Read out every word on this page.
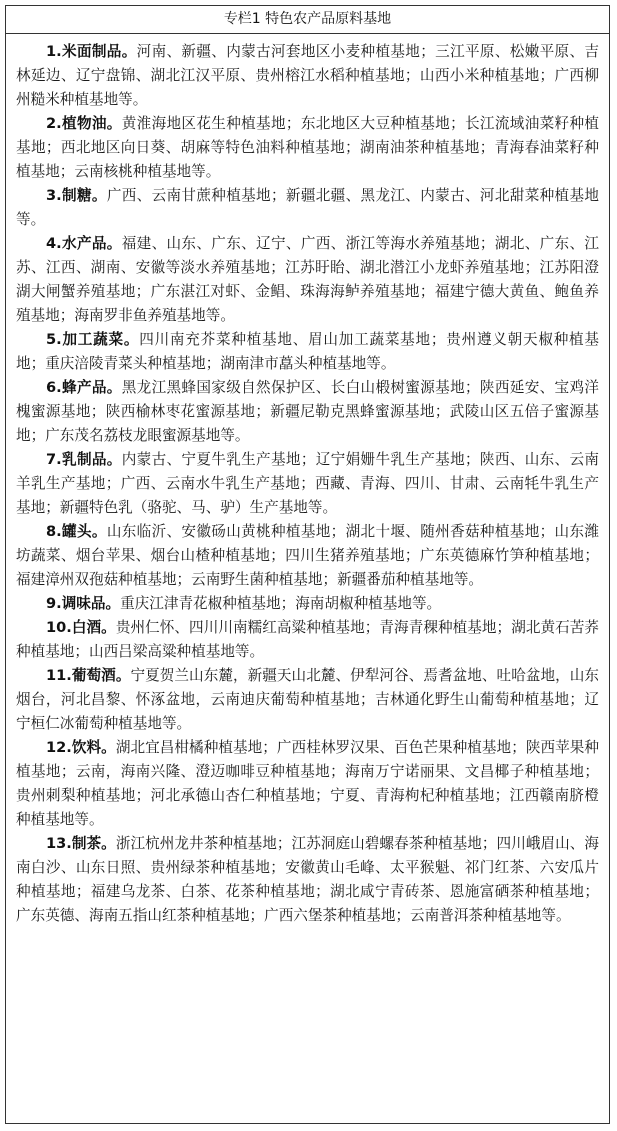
专栏1 特色农产品原料基地

1.米面制品。河南、新疆、内蒙古河套地区小麦种植基地；三江平原、松嫩平原、吉林延边、辽宁盘锦、湖北江汉平原、贵州榕江水稻种植基地；山西小米种植基地；广西柳州糙米种植基地等。

2.植物油。黄淮海地区花生种植基地；东北地区大豆种植基地；长江流域油菜籽种植基地；西北地区向日葵、胡麻等特色油料种植基地；湖南油茶种植基地；青海春油菜籽种植基地；云南核桃种植基地等。

3.制糖。广西、云南甘蔗种植基地；新疆北疆、黑龙江、内蒙古、河北甜菜种植基地等。

4.水产品。福建、山东、广东、辽宁、广西、浙江等海水养殖基地；湖北、广东、江苏、江西、湖南、安徽等淡水养殖基地；江苏盱眙、湖北潜江小龙虾养殖基地；江苏阳澄湖大闸蟹养殖基地；广东湛江对虾、金鲳、珠海海鲈养殖基地；福建宁德大黄鱼、鲍鱼养殖基地；海南罗非鱼养殖基地等。

5.加工蔬菜。四川南充芥菜种植基地、眉山加工蔬菜基地；贵州遵义朝天椒种植基地；重庆涪陵青菜头种植基地；湖南津市藠头种植基地等。

6.蜂产品。黑龙江黑蜂国家级自然保护区、长白山椴树蜜源基地；陕西延安、宝鸡洋槐蜜源基地；陕西榆林枣花蜜源基地；新疆尼勒克黑蜂蜜源基地；武陵山区五倍子蜜源基地；广东茂名荔枝龙眼蜜源基地等。

7.乳制品。内蒙古、宁夏牛乳生产基地；辽宁娟姗牛乳生产基地；陕西、山东、云南羊乳生产基地；广西、云南水牛乳生产基地；西藏、青海、四川、甘肃、云南牦牛乳生产基地；新疆特色乳（骆驼、马、驴）生产基地等。

8.罐头。山东临沂、安徽砀山黄桃种植基地；湖北十堰、随州香菇种植基地；山东潍坊蔬菜、烟台苹果、烟台山楂种植基地；四川生猪养殖基地；广东英德麻竹笋种植基地；福建漳州双孢菇种植基地；云南野生菌种植基地；新疆番茄种植基地等。

9.调味品。重庆江津青花椒种植基地；海南胡椒种植基地等。

10.白酒。贵州仁怀、四川川南糯红高粱种植基地；青海青稞种植基地；湖北黄石苦荞种植基地；山西吕梁高粱种植基地等。

11.葡萄酒。宁夏贺兰山东麓，新疆天山北麓、伊犁河谷、焉耆盆地、吐哈盆地，山东烟台，河北昌黎、怀涿盆地，云南迪庆葡萄种植基地；吉林通化野生山葡萄种植基地；辽宁桓仁冰葡萄种植基地等。

12.饮料。湖北宜昌柑橘种植基地；广西桂林罗汉果、百色芒果种植基地；陕西苹果种植基地；云南，海南兴隆、澄迈咖啡豆种植基地；海南万宁诺丽果、文昌椰子种植基地；贵州刺梨种植基地；河北承德山杏仁种植基地；宁夏、青海枸杞种植基地；江西赣南脐橙种植基地等。

13.制茶。浙江杭州龙井茶种植基地；江苏洞庭山碧螺春茶种植基地；四川峨眉山、海南白沙、山东日照、贵州绿茶种植基地；安徽黄山毛峰、太平猴魁、祁门红茶、六安瓜片种植基地；福建乌龙茶、白茶、花茶种植基地；湖北咸宁青砖茶、恩施富硒茶种植基地；广东英德、海南五指山红茶种植基地；广西六堡茶种植基地；云南普洱茶种植基地等。
